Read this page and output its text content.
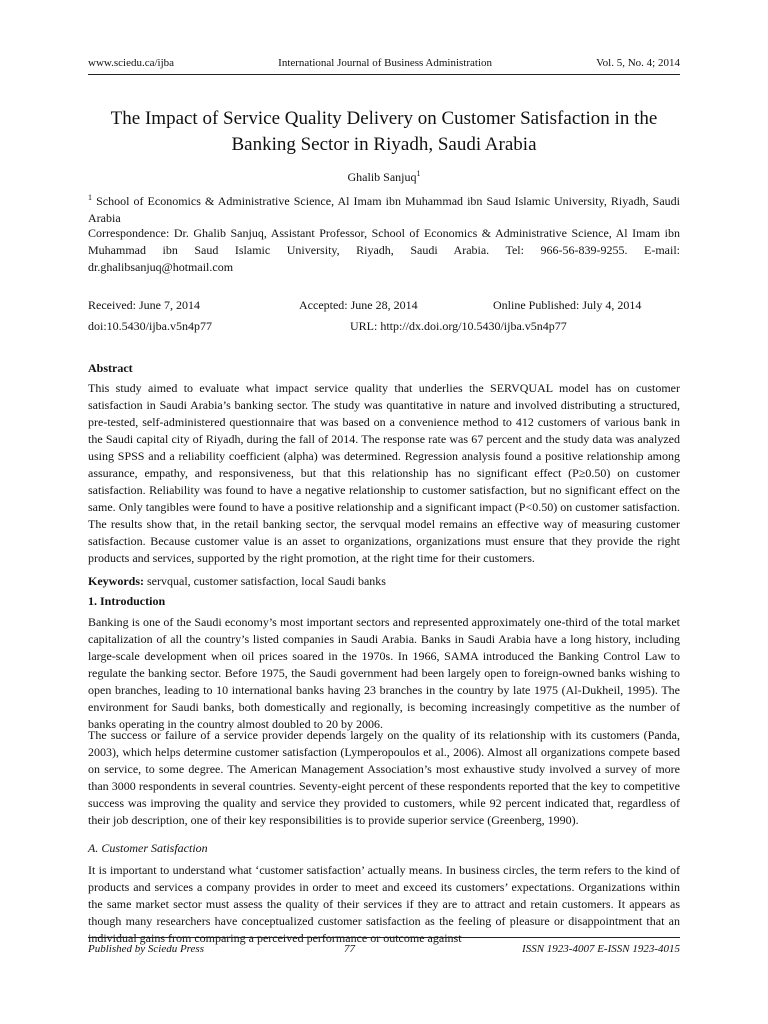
www.sciedu.ca/ijba	International Journal of Business Administration	Vol. 5, No. 4; 2014
The Impact of Service Quality Delivery on Customer Satisfaction in the Banking Sector in Riyadh, Saudi Arabia
Ghalib Sanjuq$^1$
$^1$ School of Economics & Administrative Science, Al Imam ibn Muhammad ibn Saud Islamic University, Riyadh, Saudi Arabia
Correspondence: Dr. Ghalib Sanjuq, Assistant Professor, School of Economics & Administrative Science, Al Imam ibn Muhammad ibn Saud Islamic University, Riyadh, Saudi Arabia. Tel: 966-56-839-9255. E-mail: dr.ghalibsanjuq@hotmail.com
Received: June 7, 2014	Accepted: June 28, 2014	Online Published: July 4, 2014
doi:10.5430/ijba.v5n4p77	URL: http://dx.doi.org/10.5430/ijba.v5n4p77
Abstract
This study aimed to evaluate what impact service quality that underlies the SERVQUAL model has on customer satisfaction in Saudi Arabia’s banking sector. The study was quantitative in nature and involved distributing a structured, pre-tested, self-administered questionnaire that was based on a convenience method to 412 customers of various bank in the Saudi capital city of Riyadh, during the fall of 2014. The response rate was 67 percent and the study data was analyzed using SPSS and a reliability coefficient (alpha) was determined. Regression analysis found a positive relationship among assurance, empathy, and responsiveness, but that this relationship has no significant effect (P≥0.50) on customer satisfaction. Reliability was found to have a negative relationship to customer satisfaction, but no significant effect on the same. Only tangibles were found to have a positive relationship and a significant impact (P<0.50) on customer satisfaction. The results show that, in the retail banking sector, the servqual model remains an effective way of measuring customer satisfaction. Because customer value is an asset to organizations, organizations must ensure that they provide the right products and services, supported by the right promotion, at the right time for their customers.
Keywords: servqual, customer satisfaction, local Saudi banks
1. Introduction
Banking is one of the Saudi economy’s most important sectors and represented approximately one-third of the total market capitalization of all the country’s listed companies in Saudi Arabia. Banks in Saudi Arabia have a long history, including large-scale development when oil prices soared in the 1970s. In 1966, SAMA introduced the Banking Control Law to regulate the banking sector. Before 1975, the Saudi government had been largely open to foreign-owned banks wishing to open branches, leading to 10 international banks having 23 branches in the country by late 1975 (Al-Dukheil, 1995). The environment for Saudi banks, both domestically and regionally, is becoming increasingly competitive as the number of banks operating in the country almost doubled to 20 by 2006.
The success or failure of a service provider depends largely on the quality of its relationship with its customers (Panda, 2003), which helps determine customer satisfaction (Lymperopoulos et al., 2006). Almost all organizations compete based on service, to some degree. The American Management Association’s most exhaustive study involved a survey of more than 3000 respondents in several countries. Seventy-eight percent of these respondents reported that the key to competitive success was improving the quality and service they provided to customers, while 92 percent indicated that, regardless of their job description, one of their key responsibilities is to provide superior service (Greenberg, 1990).
A. Customer Satisfaction
It is important to understand what ‘customer satisfaction’ actually means. In business circles, the term refers to the kind of products and services a company provides in order to meet and exceed its customers’ expectations. Organizations within the same market sector must assess the quality of their services if they are to attract and retain customers. It appears as though many researchers have conceptualized customer satisfaction as the feeling of pleasure or disappointment that an individual gains from comparing a perceived performance or outcome against
Published by Sciedu Press	77	ISSN 1923-4007 E-ISSN 1923-4015
